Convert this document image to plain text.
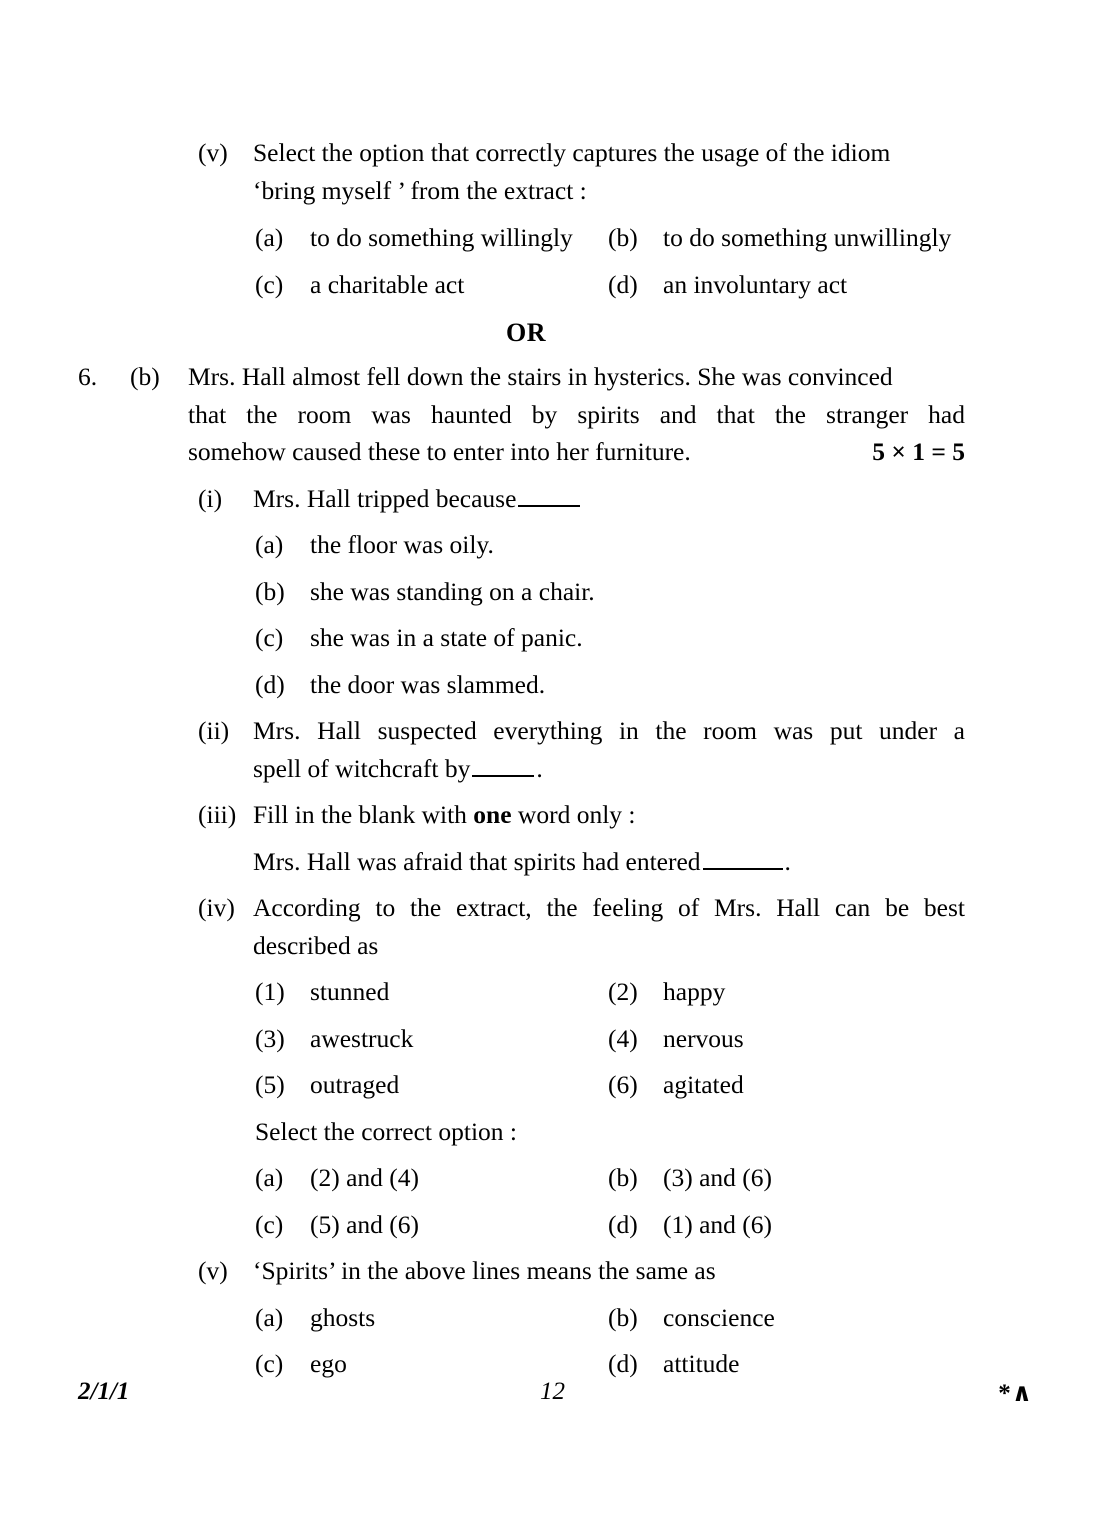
(v) Select the option that correctly captures the usage of the idiom
‘bring myself ’ from the extract :
(a)	to do something willingly	(b) to do something unwillingly
(c)	a charitable act	(d) an involuntary act
OR
6.	(b)	Mrs. Hall almost fell down the stairs in hysterics. She was convinced
that the room was haunted by spirits and that the stranger had
somehow caused these to enter into her furniture.	5 × 1 = 5
(i)	Mrs. Hall tripped because
(a)	the floor was oily.
(b) she was standing on a chair.
(c)	she was in a state of panic.
(d) the door was slammed.
(ii) Mrs. Hall suspected everything in the room was put under a
spell of witchcraft by	.
(iii) Fill in the blank with one word only :
Mrs. Hall was afraid that spirits had entered	.
(iv) According to the extract, the feeling of Mrs. Hall can be best
described as
(1) stunned	(2) happy
(3) awestruck	(4) nervous
(5) outraged	(6) agitated
Select the correct option :
(a)	(2) and (4)	(b) (3) and (6)
(c)	(5) and (6)	(d) (1) and (6)
(v) ‘Spirits’ in the above lines means the same as
(a)	ghosts	(b) conscience
(c)	ego	(d) attitude
2/1/1	12	*∧
